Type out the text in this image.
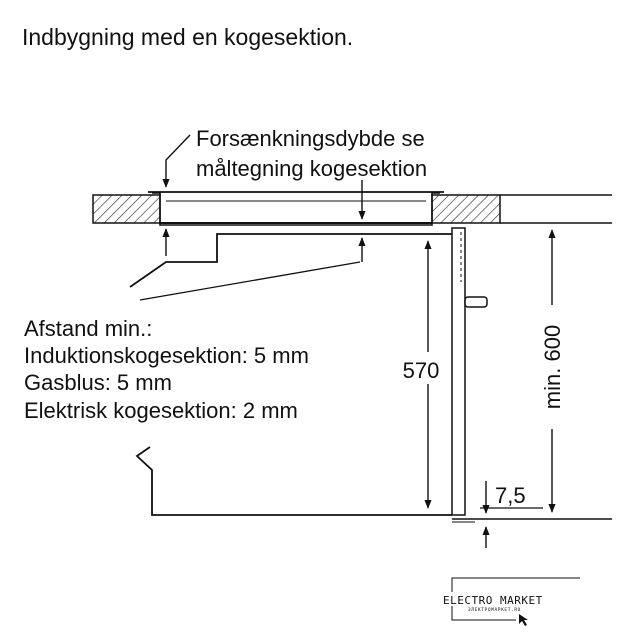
Indbygning med en kogesektion.
Forsænkningsdybde se
måltegning kogesektion
570	min. 600
7,5
Afstand min.:
Induktionskogesektion: 5 mm
Gasblus: 5 mm
Elektrisk kogesektion: 2 mm
ELECTRO MARKET
ЭЛЕКТРОМАРКЕТ.RU
